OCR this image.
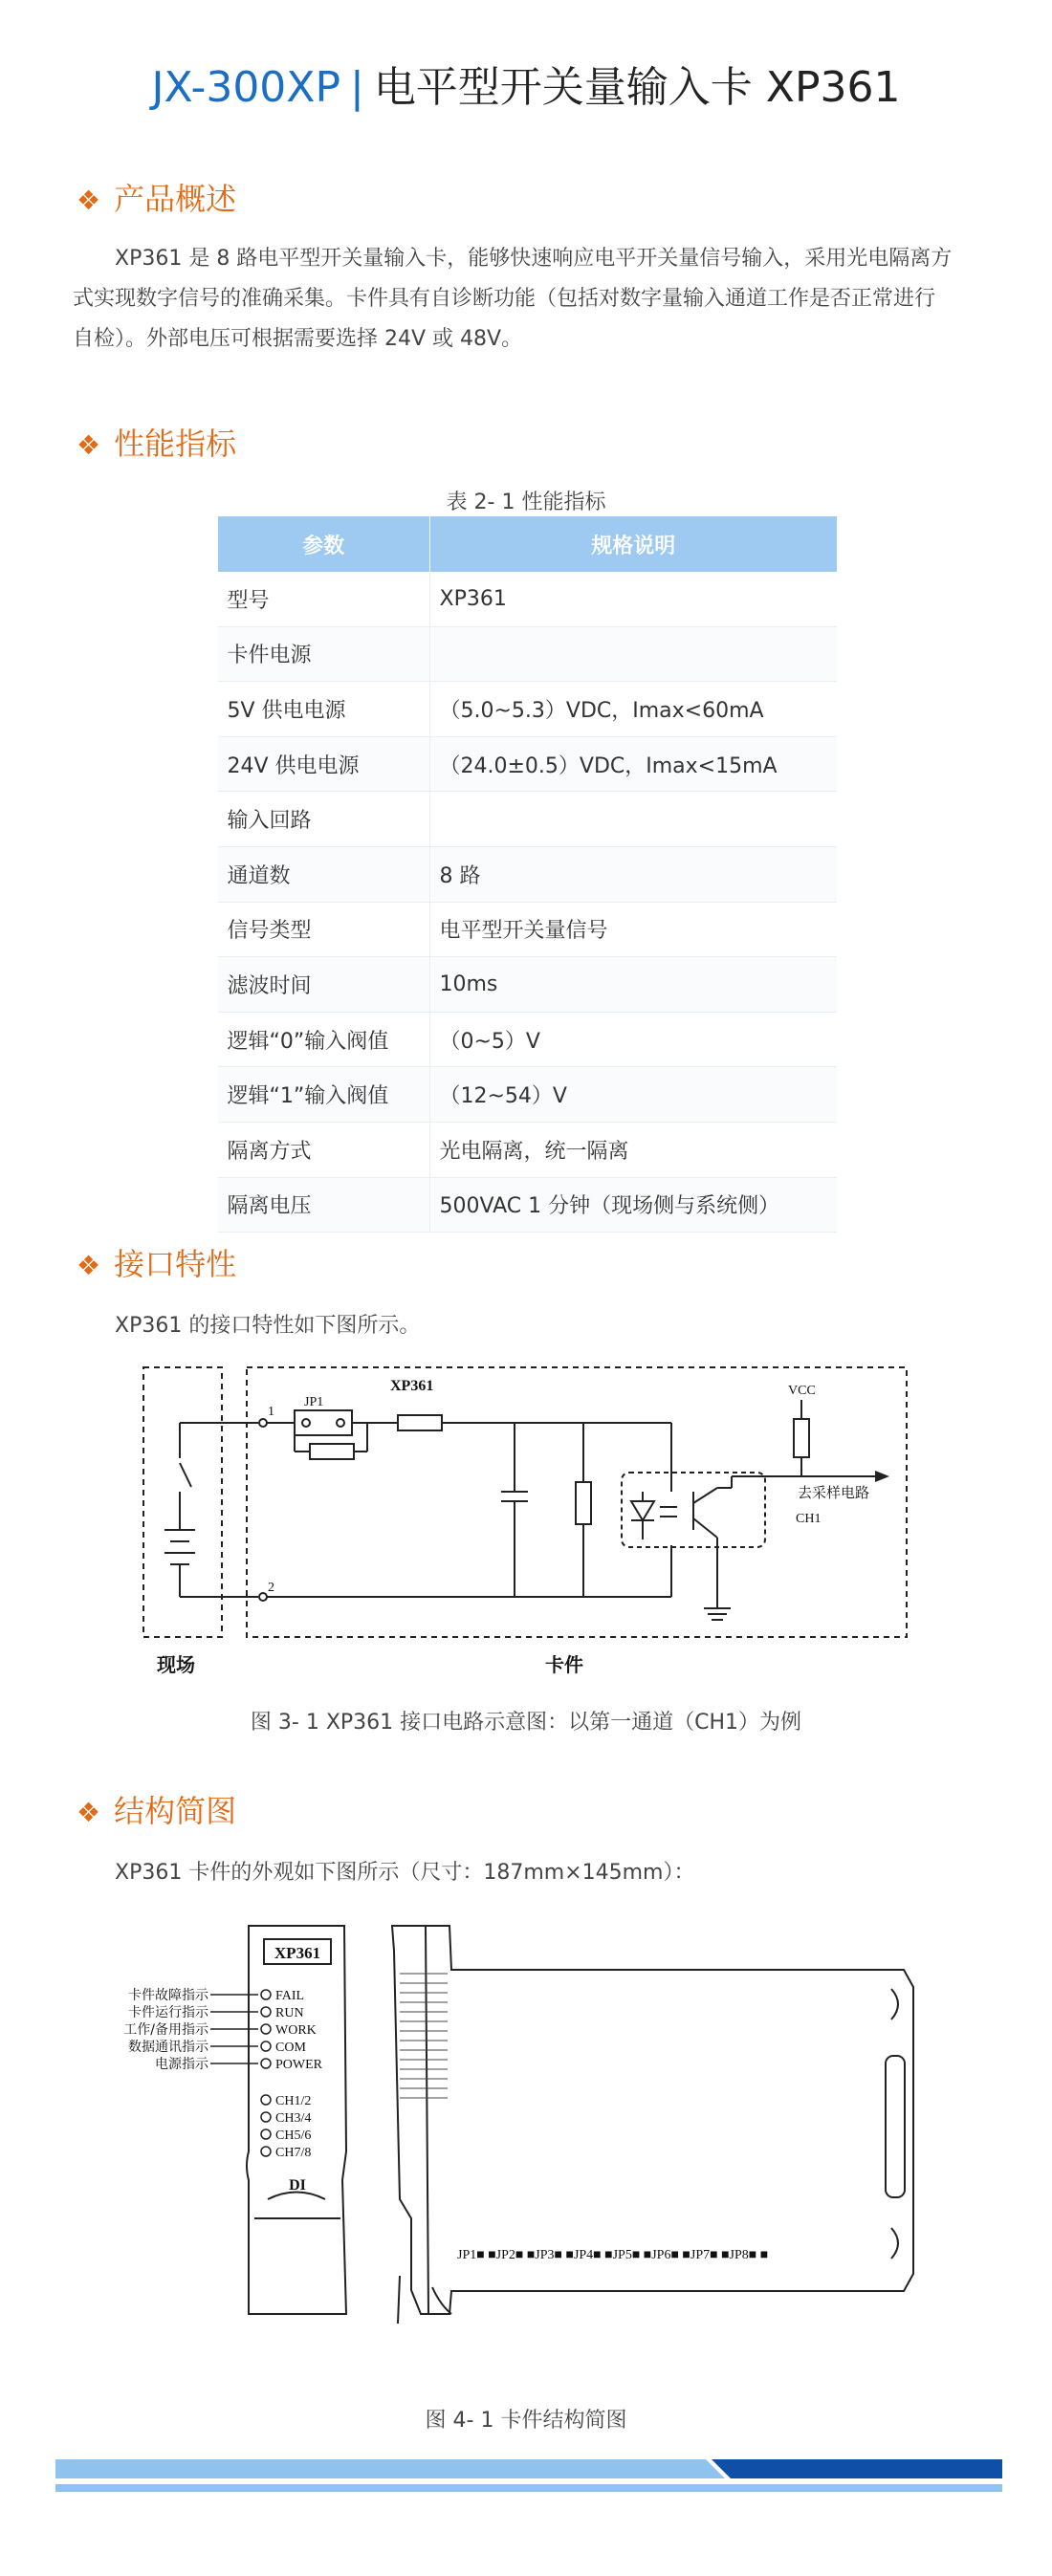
JX-300XP | 电平型开关量输入卡 XP361
❖ 产品概述
XP361 是 8 路电平型开关量输入卡，能够快速响应电平开关量信号输入，采用光电隔离方
式实现数字信号的准确采集。卡件具有自诊断功能（包括对数字量输入通道工作是否正常进行
自检）。外部电压可根据需要选择 24V 或 48V。
❖ 性能指标
表 2- 1 性能指标
参数	规格说明
型号	XP361
卡件电源	
5V 供电电源	（5.0~5.3）VDC，Imax<60mA
24V 供电电源	（24.0±0.5）VDC，Imax<15mA
输入回路	
通道数	8 路
信号类型	电平型开关量信号
滤波时间	10ms
逻辑“0”输入阀值	（0~5）V
逻辑“1”输入阀值	（12~54）V
隔离方式	光电隔离，统一隔离
隔离电压	500VAC 1 分钟（现场侧与系统侧）
❖ 接口特性
XP361 的接口特性如下图所示。
JP1
XP361
1
2
VCC
CH1
去采样电路
现场	卡件
图 3- 1 XP361 接口电路示意图：以第一通道（CH1）为例
❖ 结构简图
XP361 卡件的外观如下图所示（尺寸：187mm×145mm）：
XP361
FAIL
RUN
WORK
COM
POWER
CH1/2
CH3/4
CH5/6
CH7/8
DI
卡件故障指示
卡件运行指示
工作/备用指示
数据通讯指示
电源指示
JP1■ ■JP2■ ■JP3■ ■JP4■ ■JP5■ ■JP6■ ■JP7■ ■JP8■ ■
图 4- 1 卡件结构简图
